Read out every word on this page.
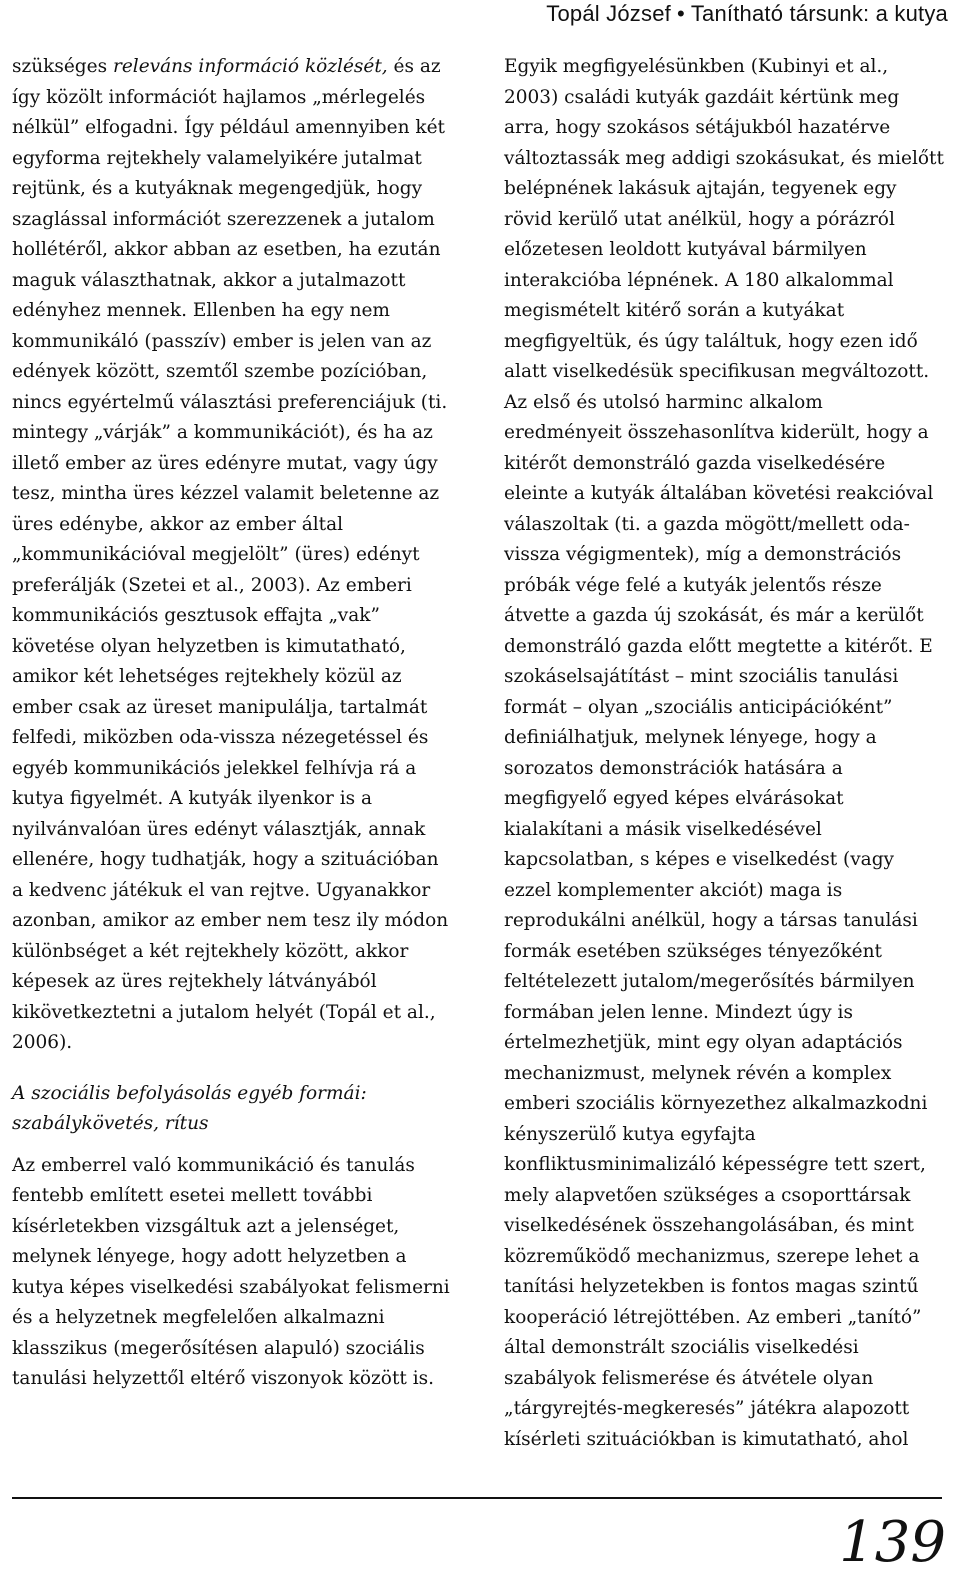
Topál József • Tanítható társunk: a kutya

szükséges releváns információ közlését, és az így közölt információt hajlamos „mérlegelés nélkül” elfogadni. Így például amennyiben két egyforma rejtekhely valamelyikére jutalmat rejtünk, és a kutyáknak megengedjük, hogy szaglással információt szerezzenek a jutalom hollétéről, akkor abban az esetben, ha ezután maguk választhatnak, akkor a jutalmazott edényhez mennek. Ellenben ha egy nem kommunikáló (passzív) ember is jelen van az edények között, szemtől szembe pozícióban, nincs egyértelmű választási preferenciájuk (ti. mintegy „várják” a kommunikációt), és ha az illető ember az üres edényre mutat, vagy úgy tesz, mintha üres kézzel valamit beletenne az üres edénybe, akkor az ember által „kommunikációval megjelölt” (üres) edényt preferálják (Szetei et al., 2003). Az emberi kommunikációs gesztusok effajta „vak” követése olyan helyzetben is kimutatható, amikor két lehetséges rejtekhely közül az ember csak az üreset manipulálja, tartalmát felfedi, miközben oda-vissza nézegetéssel és egyéb kommunikációs jelekkel felhívja rá a kutya figyelmét. A kutyák ilyenkor is a nyilvánvalóan üres edényt választják, annak ellenére, hogy tudhatják, hogy a szituációban a kedvenc játékuk el van rejtve. Ugyanakkor azonban, amikor az ember nem tesz ily módon különbséget a két rejtekhely között, akkor képesek az üres rejtekhely látványából kikövetkeztetni a jutalom helyét (Topál et al., 2006).

A szociális befolyásolás egyéb formái: szabálykövetés, rítus

Az emberrel való kommunikáció és tanulás fentebb említett esetei mellett további kísérletekben vizsgáltuk azt a jelenséget, melynek lényege, hogy adott helyzetben a kutya képes viselkedési szabályokat felismerni és a helyzetnek megfelelően alkalmazni klasszikus (megerősítésen alapuló) szociális tanulási helyzettől eltérő viszonyok között is.

Egyik megfigyelésünkben (Kubinyi et al., 2003) családi kutyák gazdáit kértünk meg arra, hogy szokásos sétájukból hazatérve változtassák meg addigi szokásukat, és mielőtt belépnének lakásuk ajtaján, tegyenek egy rövid kerülő utat anélkül, hogy a pórázról előzetesen leoldott kutyával bármilyen interakcióba lépnének. A 180 alkalommal megismételt kitérő során a kutyákat megfigyeltük, és úgy találtuk, hogy ezen idő alatt viselkedésük specifikusan megváltozott. Az első és utolsó harminc alkalom eredményeit összehasonlítva kiderült, hogy a kitérőt demonstráló gazda viselkedésére eleinte a kutyák általában követési reakcióval válaszoltak (ti. a gazda mögött/mellett oda-vissza végigmentek), míg a demonstrációs próbák vége felé a kutyák jelentős része átvette a gazda új szokását, és már a kerülőt demonstráló gazda előtt megtette a kitérőt. E szokáselsajátítást – mint szociális tanulási formát – olyan „szociális anticipációként” definiálhatjuk, melynek lényege, hogy a sorozatos demonstrációk hatására a megfigyelő egyed képes elvárásokat kialakítani a másik viselkedésével kapcsolatban, s képes e viselkedést (vagy ezzel komplementer akciót) maga is reprodukálni anélkül, hogy a társas tanulási formák esetében szükséges tényezőként feltételezett jutalom/megerősítés bármilyen formában jelen lenne. Mindezt úgy is értelmezhetjük, mint egy olyan adaptációs mechanizmust, melynek révén a komplex emberi szociális környezethez alkalmazkodni kényszerülő kutya egyfajta konfliktusminimalizáló képességre tett szert, mely alapvetően szükséges a csoporttársak viselkedésének összehangolásában, és mint közreműködő mechanizmus, szerepe lehet a tanítási helyzetekben is fontos magas szintű kooperáció létrejöttében. Az emberi „tanító” által demonstrált szociális viselkedési szabályok felismerése és átvétele olyan „tárgyrejtés-megkeresés” játékra alapozott kísérleti szituációkban is kimutatható, ahol

139
